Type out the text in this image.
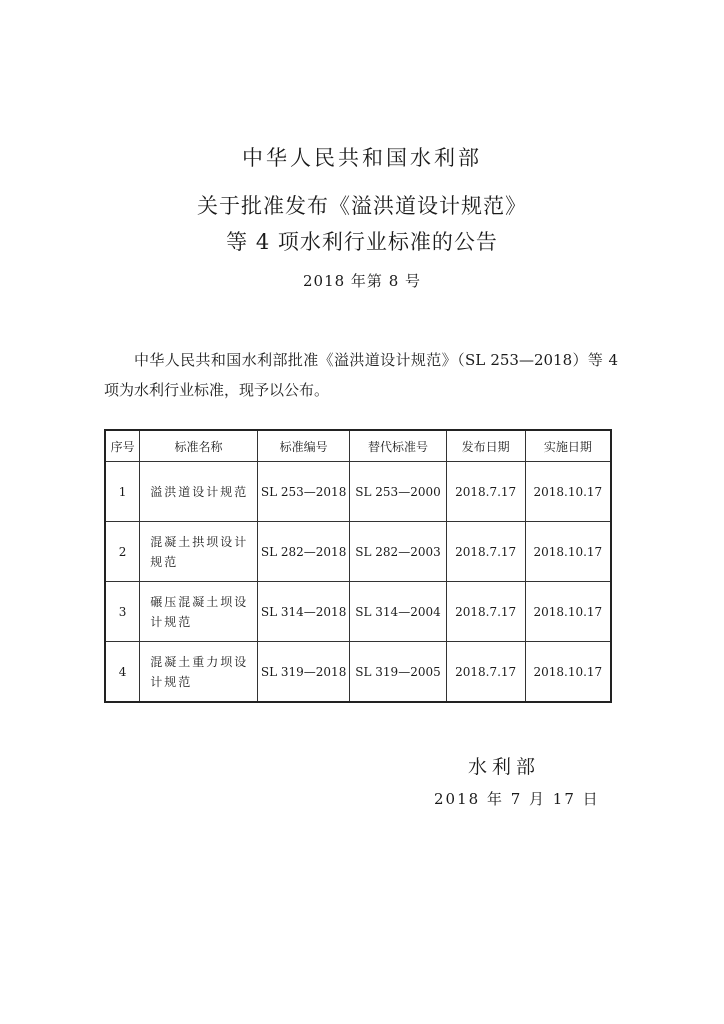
中华人民共和国水利部
关于批准发布《溢洪道设计规范》
等 4 项水利行业标准的公告
2018 年第 8 号

中华人民共和国水利部批准《溢洪道设计规范》（SL 253—2018）等 4 项为水利行业标准，现予以公布。

序号	标准名称	标准编号	替代标准号	发布日期	实施日期
1	溢洪道设计规范	SL 253—2018	SL 253—2000	2018.7.17	2018.10.17
2	混凝土拱坝设计规范	SL 282—2018	SL 282—2003	2018.7.17	2018.10.17
3	碾压混凝土坝设计规范	SL 314—2018	SL 314—2004	2018.7.17	2018.10.17
4	混凝土重力坝设计规范	SL 319—2018	SL 319—2005	2018.7.17	2018.10.17
水利部
2018 年 7 月 17 日
